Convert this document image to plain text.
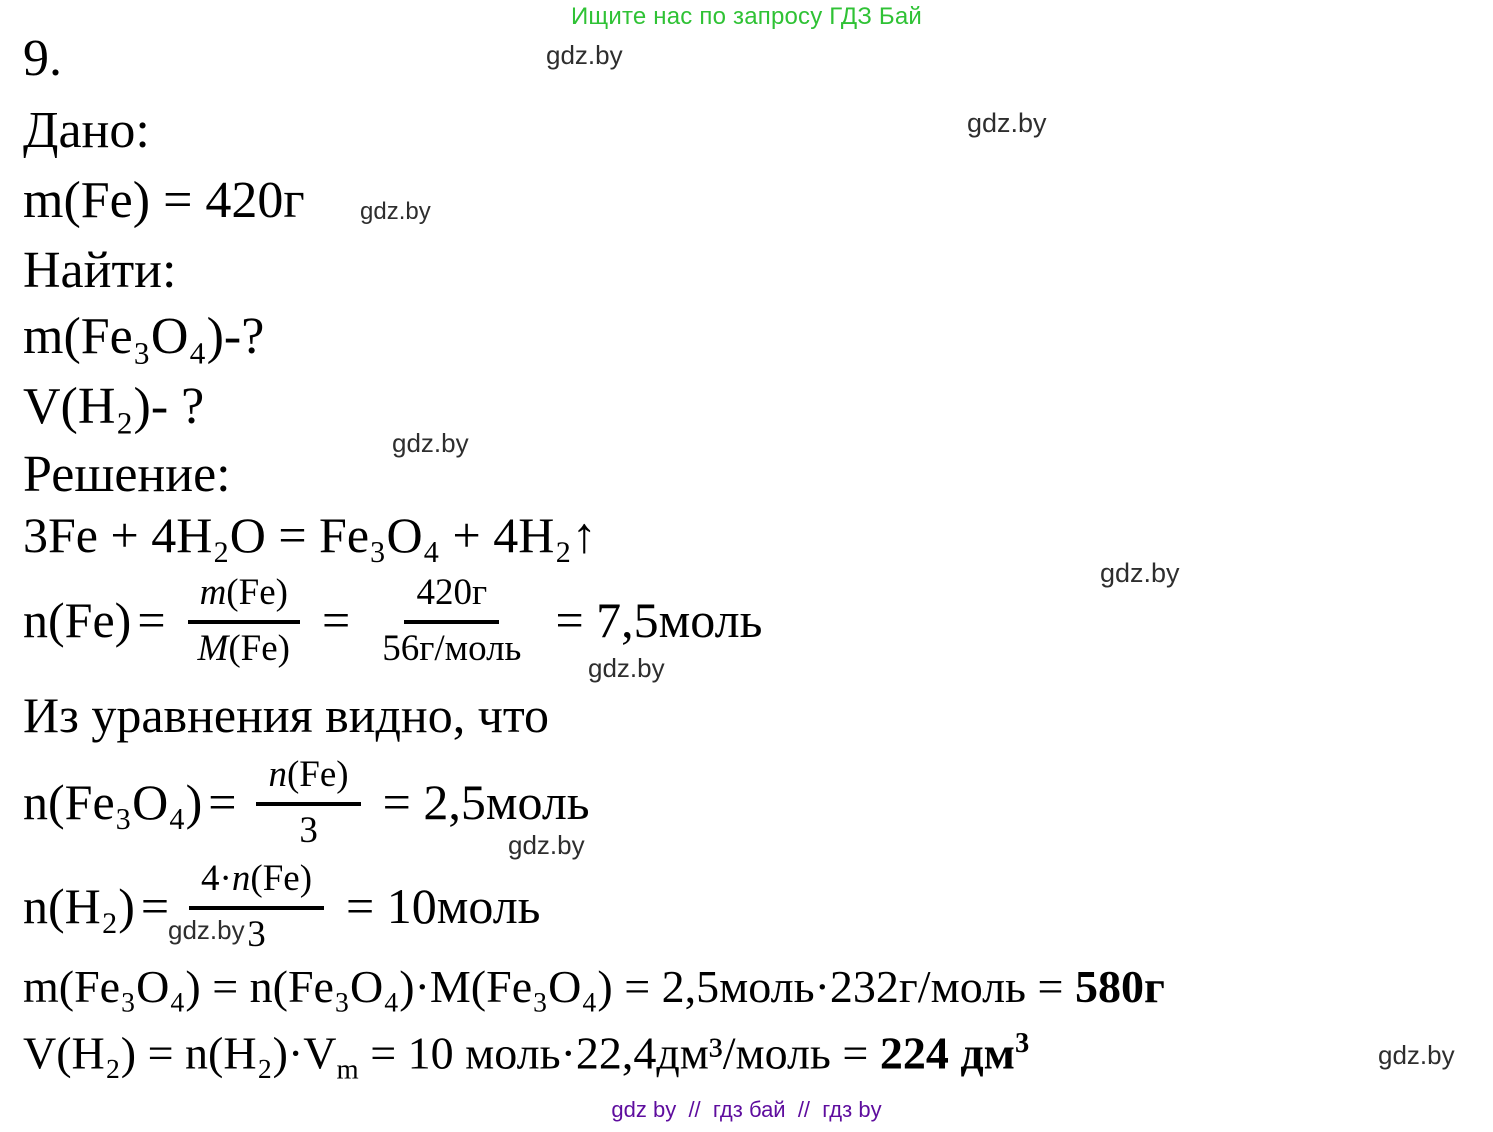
Ищите нас по запросу ГДЗ Бай
gdz.by
gdz.by
gdz.by
gdz.by
gdz.by
gdz.by
gdz.by
gdz.by
gdz.by
9.
Дано:
m(Fe) = 420г
Найти:
m(Fe₃O₄)-?
V(H₂)- ?
Решение:
3Fe + 4H₂O = Fe₃O₄ + 4H₂↑
$n(Fe) = \frac{m(Fe)}{M(Fe)} = \frac{420г}{\text{56г/моль}}$ = 7,5моль
Из уравнения видно, что
$n(Fe_3O_4) = \frac{n(Fe)}{3}$ = 2,5моль
$n(H_2) = \frac{4\cdot n(Fe)}{3}$ = 10моль
m(Fe₃O₄) = n(Fe₃O₄)·M(Fe₃O₄) = 2,5моль·232г/моль = 580г
$V(H_2) = n(H_2)\cdot V_m = 10$ моль·22,4дм³/моль = 224 $дм^3$
gdz by  //  гдз бай  //  гдз by
